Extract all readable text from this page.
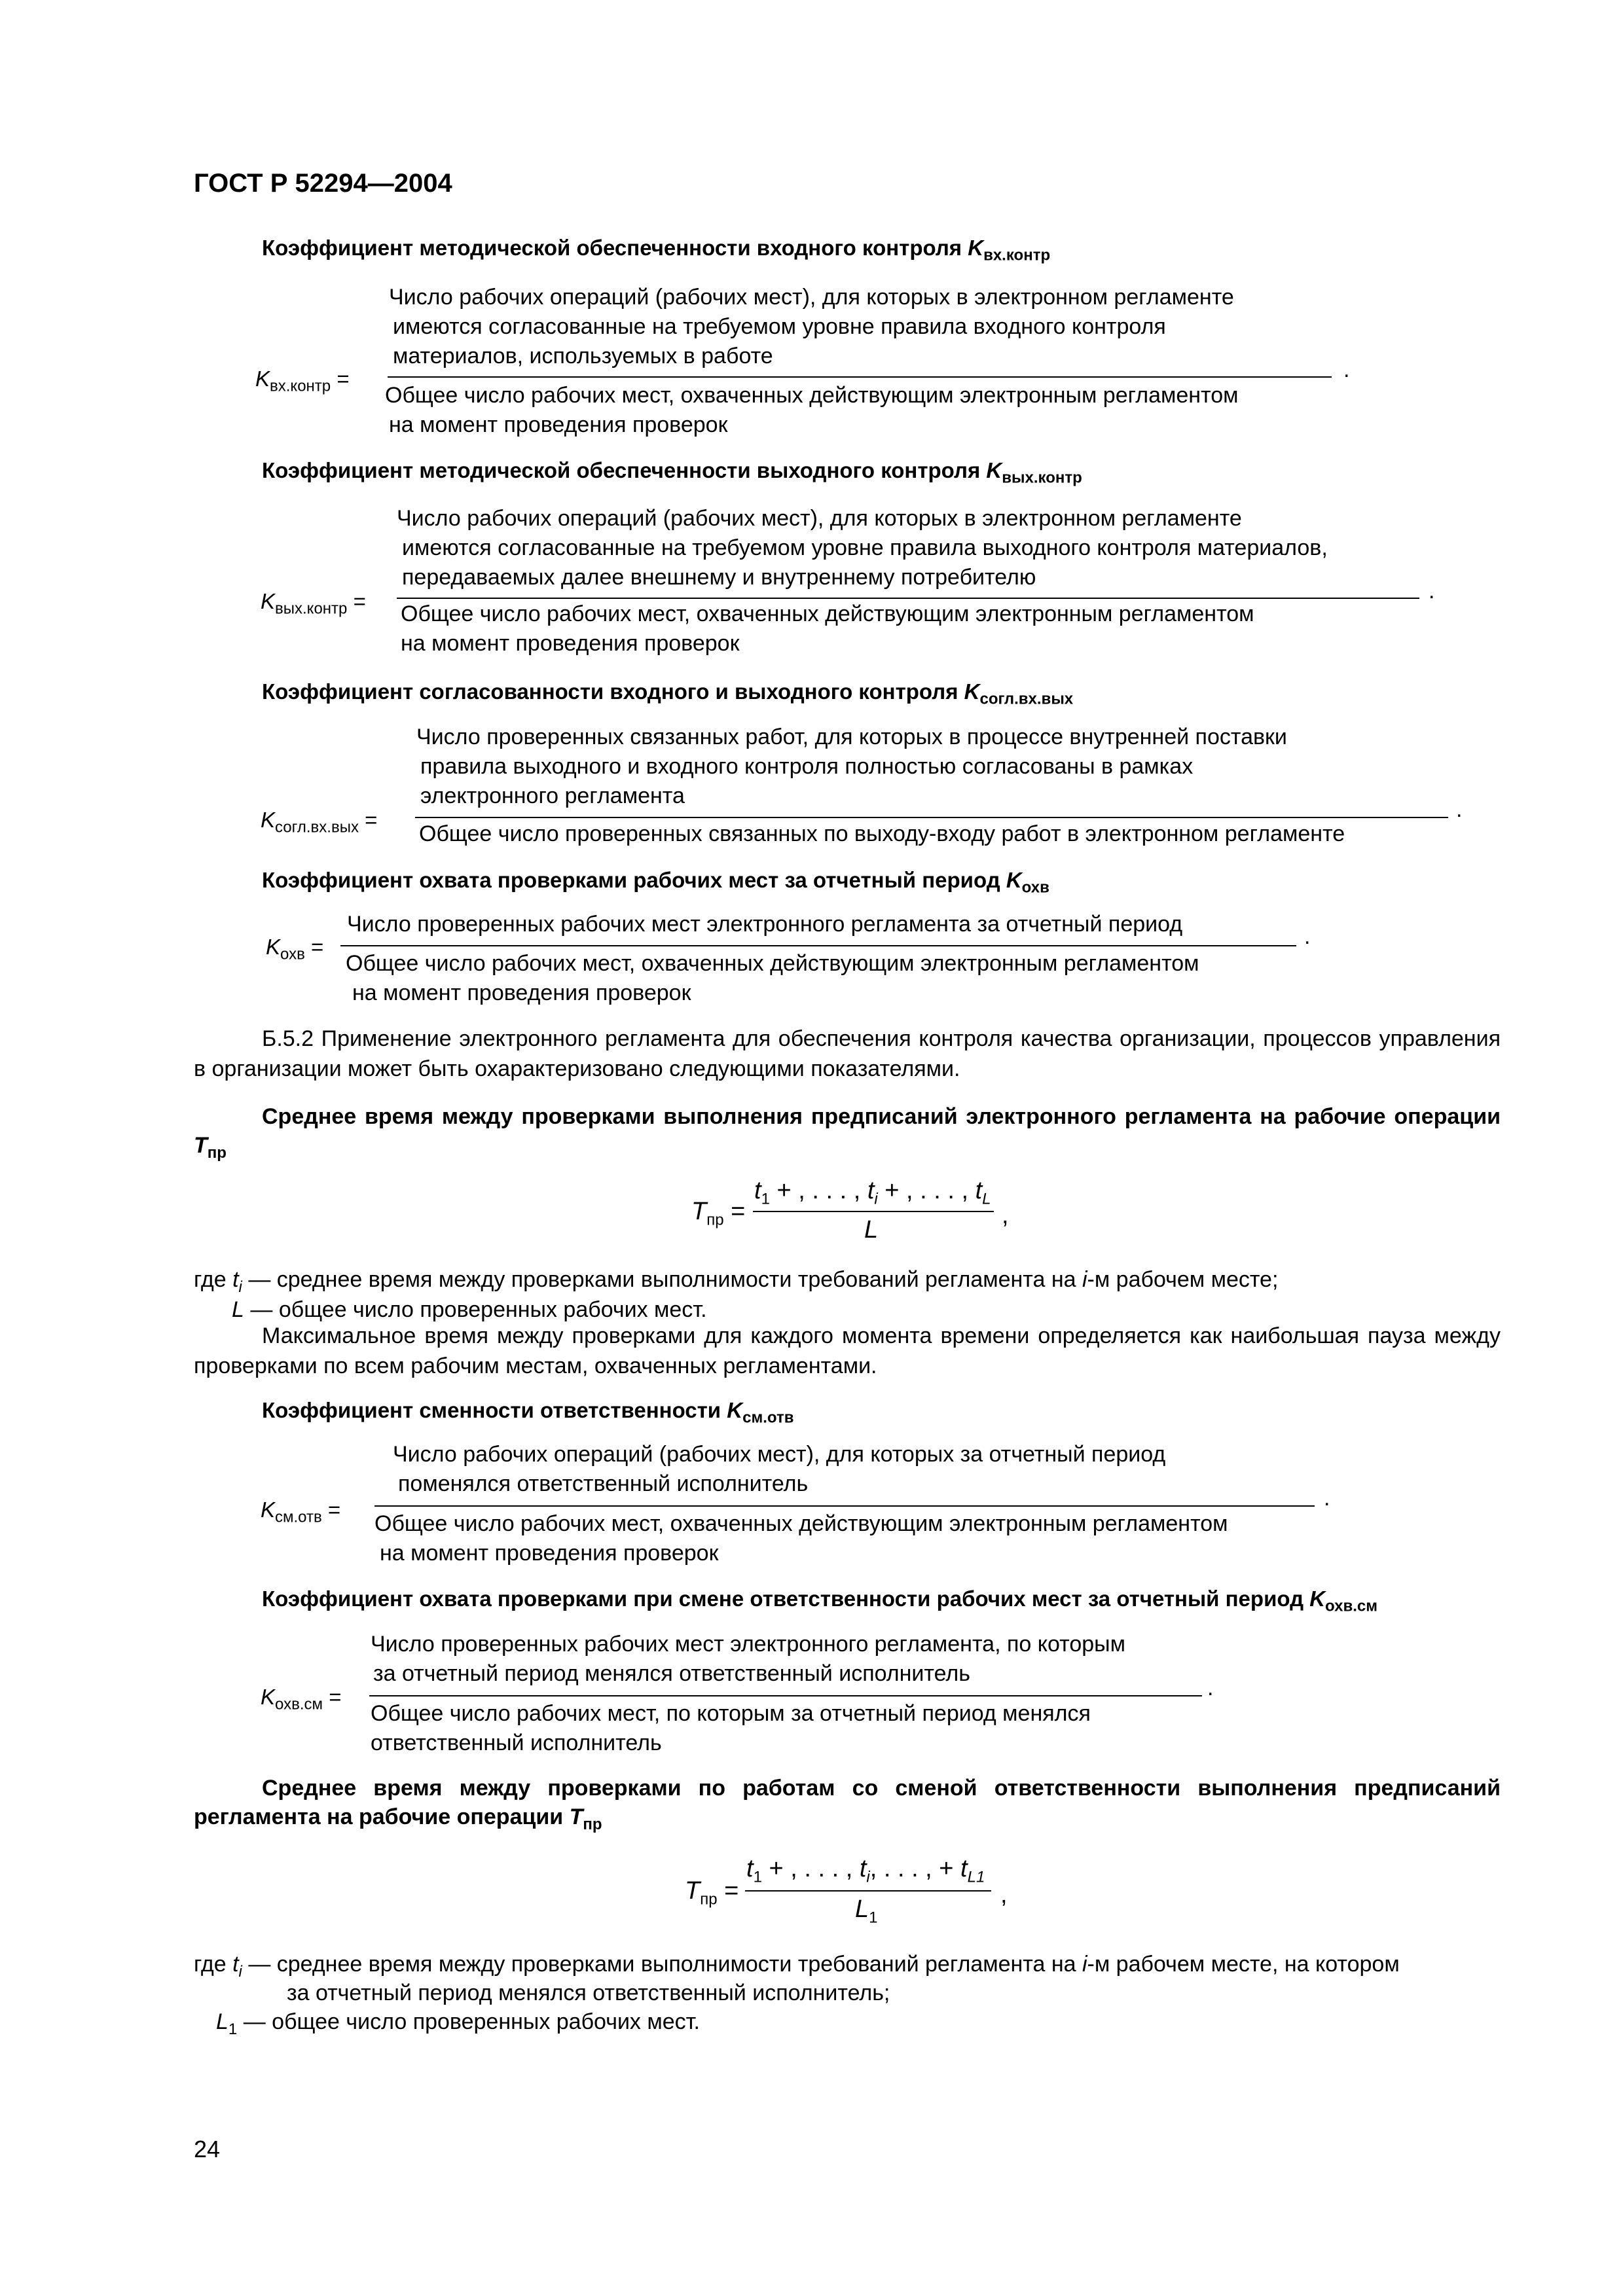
ГОСТ Р 52294—2004
Коэффициент методической обеспеченности входного контроля $K_{вх.контр}$
$K_{вх.контр}$ =
Число рабочих операций (рабочих мест), для которых в электронном регламенте
имеются согласованные на требуемом уровне правила входного контроля
материалов, используемых в работе
.
Общее число рабочих мест, охваченных действующим электронным регламентом
на момент проведения проверок
Коэффициент методической обеспеченности выходного контроля $K_{вых.контр}$
$K_{вых.контр}$ =
Число рабочих операций (рабочих мест), для которых в электронном регламенте
имеются согласованные на требуемом уровне правила выходного контроля материалов,
передаваемых далее внешнему и внутреннему потребителю
.
Общее число рабочих мест, охваченных действующим электронным регламентом
на момент проведения проверок
Коэффициент согласованности входного и выходного контроля $K_{согл.вх.вых}$
$K_{согл.вх.вых}$ =
Число проверенных связанных работ, для которых в процессе внутренней поставки
правила выходного и входного контроля полностью согласованы в рамках
электронного регламента
.
Общее число проверенных связанных по выходу-входу работ в электронном регламенте
Коэффициент охвата проверками рабочих мест за отчетный период $K_{охв}$
$K_{охв}$ =
Число проверенных рабочих мест электронного регламента за отчетный период	.
Общее число рабочих мест, охваченных действующим электронным регламентом
на момент проведения проверок
Б.5.2 Применение электронного регламента для обеспечения контроля качества организации, процессов управления в организации может быть охарактеризовано следующими показателями.
Среднее время между проверками выполнения предписаний электронного регламента на рабочие операции $T_{пр}$
$T_{пр}$ =
$t_1$ + , . . . , $t_i$ + , . . . , $t_L$
L
,
где $t_i$ — среднее время между проверками выполнимости требований регламента на i-м рабочем месте;
L — общее число проверенных рабочих мест.
Максимальное время между проверками для каждого момента времени определяется как наибольшая пауза между проверками по всем рабочим местам, охваченных регламентами.
Коэффициент сменности ответственности $K_{см.отв}$
$K_{см.отв}$ =
Число рабочих операций (рабочих мест), для которых за отчетный период
поменялся ответственный исполнитель
.
Общее число рабочих мест, охваченных действующим электронным регламентом
на момент проведения проверок
Коэффициент охвата проверками при смене ответственности рабочих мест за отчетный период $K_{охв.см}$
$K_{охв.см}$ =
Число проверенных рабочих мест электронного регламента, по которым
за отчетный период менялся ответственный исполнитель
.
Общее число рабочих мест, по которым за отчетный период менялся
ответственный исполнитель
Среднее время между проверками по работам со сменой ответственности выполнения предписаний регламента на рабочие операции $T_{пр}$
$T_{пр}$ =
$t_1$ + , . . . , $t_i$, . . . , + $t_{L1}$
$L_1$
,
где $t_i$ — среднее время между проверками выполнимости требований регламента на i-м рабочем месте, на котором
за отчетный период менялся ответственный исполнитель;
$L_1$ — общее число проверенных рабочих мест.
24
